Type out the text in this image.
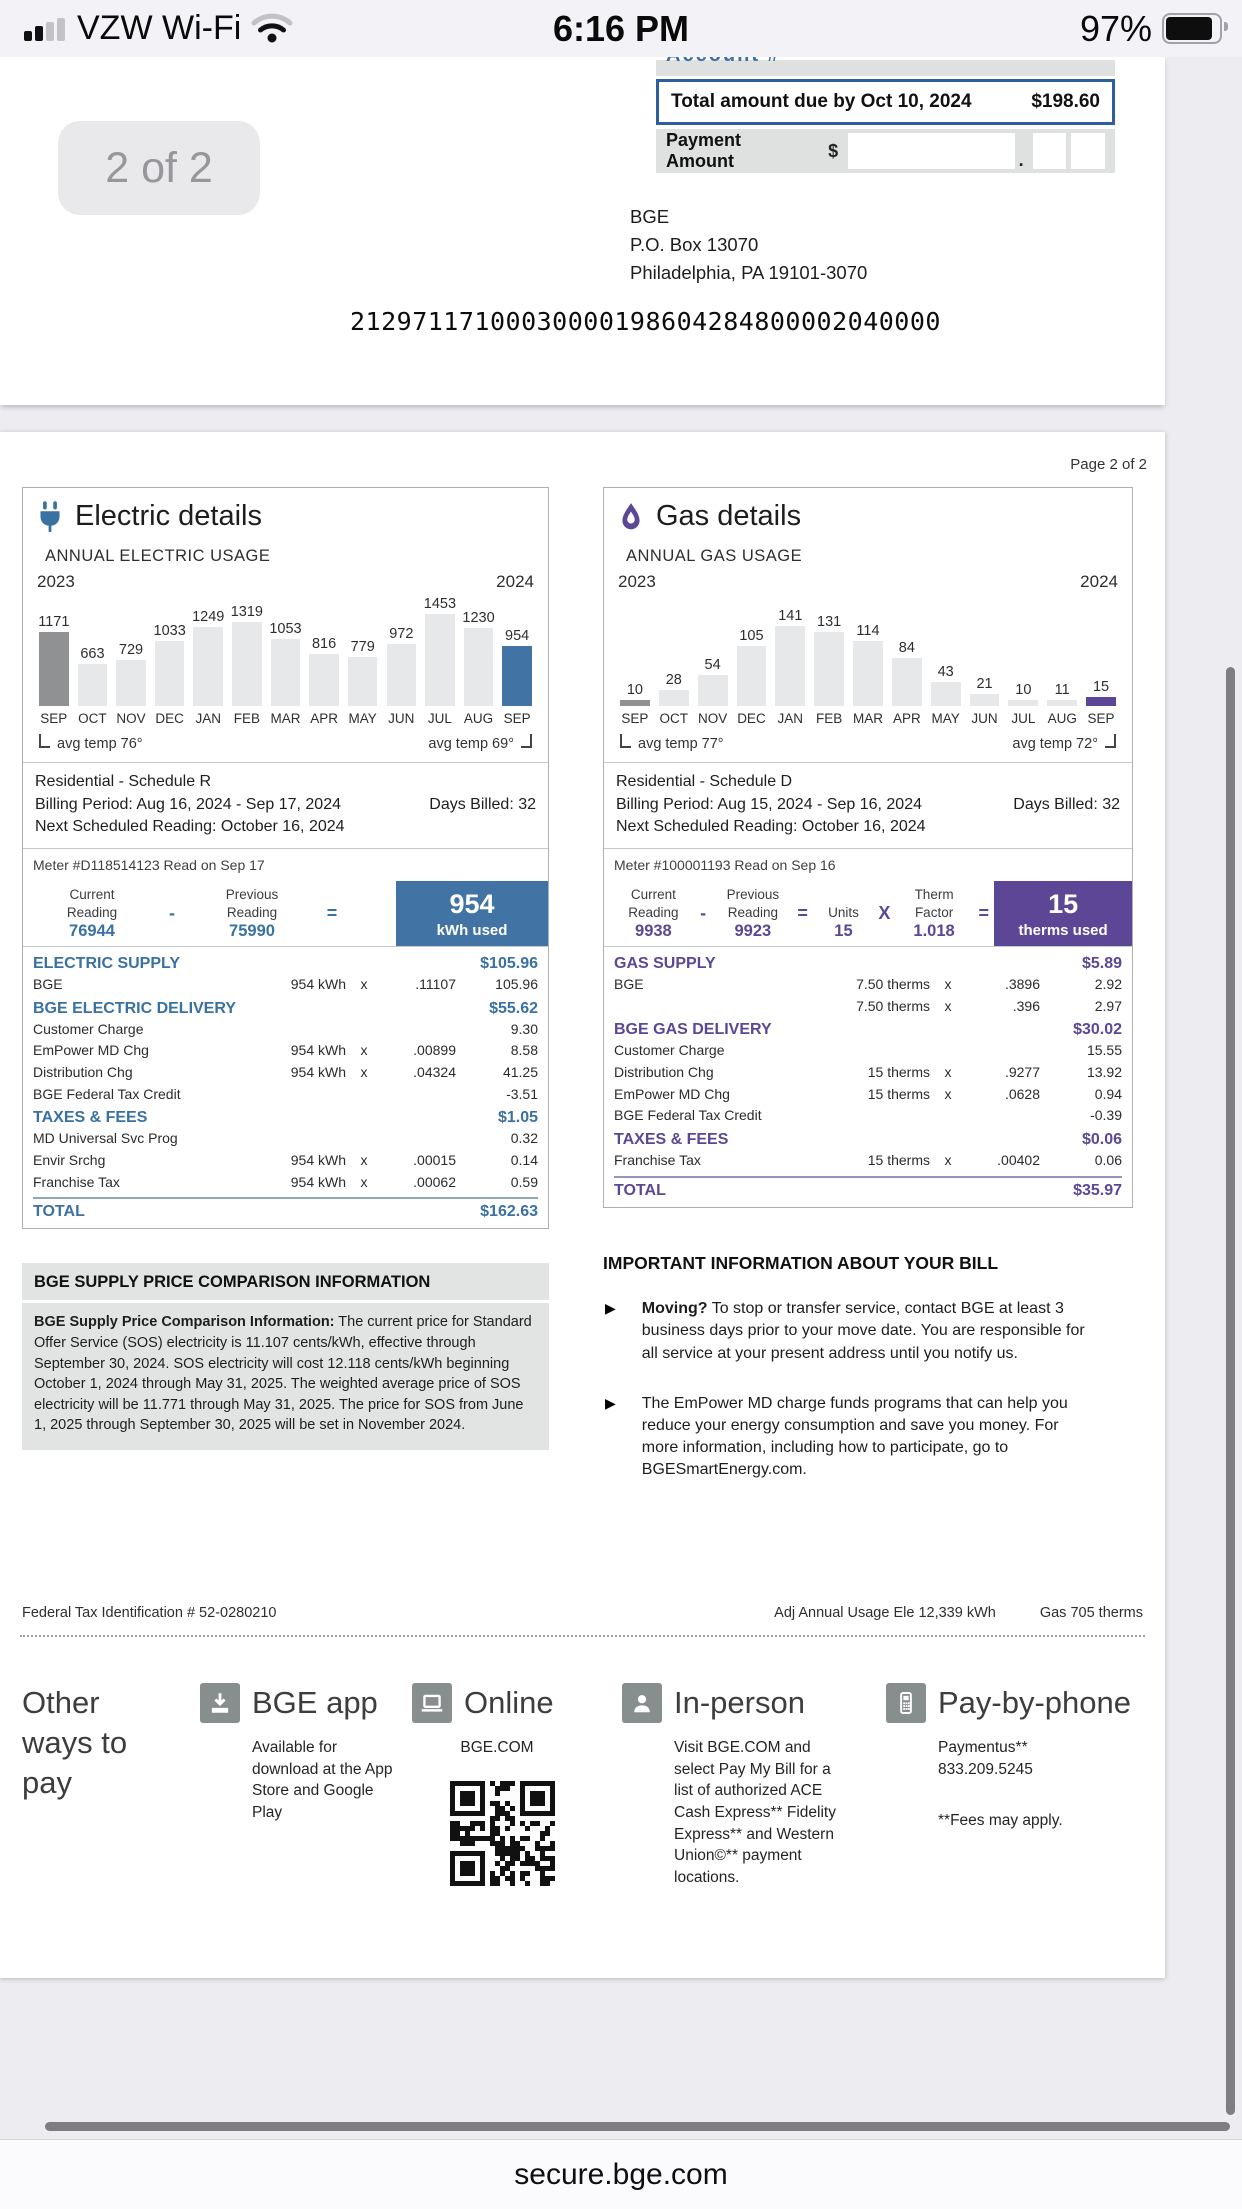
VZW Wi-Fi	6:16 PM	97%
Total amount due by Oct 10, 2024	$198.60
Payment Amount
$	.
2 of 2
BGE
P.O. Box 13070
Philadelphia, PA 19101-3070
21297117100030000198604284800002040000
Page 2 of 2
Electric details
ANNUAL ELECTRIC USAGE
2023	2024
1171
SEP
663
OCT
729
NOV
1033
DEC
1249
JAN
1319
FEB
1053
MAR
816
APR
779
MAY
972
JUN
1453
JUL
1230
AUG
954
SEP
avg temp 76°	avg temp 69°
Residential - Schedule R
Billing Period: Aug 16, 2024 - Sep 17, 2024	Days Billed: 32
Next Scheduled Reading: October 16, 2024
Meter #D118514123 Read on Sep 17
Current
Reading
76944
-
Previous
Reading
75990
=	954
kWh used
ELECTRIC SUPPLY	$105.96
BGE	954 kWh	x	.11107	105.96
BGE ELECTRIC DELIVERY	$55.62
Customer Charge	9.30
EmPower MD Chg	954 kWh	x	.00899	8.58
Distribution Chg	954 kWh	x	.04324	41.25
BGE Federal Tax Credit	-3.51
TAXES & FEES	$1.05
MD Universal Svc Prog	0.32
Envir Srchg	954 kWh	x	.00015	0.14
Franchise Tax	954 kWh	x	.00062	0.59
TOTAL	$162.63
Gas details
ANNUAL GAS USAGE
2023	2024
10
SEP
28
OCT
54
NOV
105
DEC
141
JAN
131
FEB
114
MAR
84
APR
43
MAY
21
JUN
10
JUL
11
AUG
15
SEP
avg temp 77°	avg temp 72°
Residential - Schedule D
Billing Period: Aug 15, 2024 - Sep 16, 2024	Days Billed: 32
Next Scheduled Reading: October 16, 2024
Meter #100001193 Read on Sep 16
Current
Reading
9938
-
Previous
Reading
9923
=
	Units
15
X
Therm
Factor
1.018
=	15
therms used
GAS SUPPLY	$5.89
BGE	7.50 therms	x	.3896	2.92
7.50 therms	x	.396	2.97
BGE GAS DELIVERY	$30.02
Customer Charge	15.55
Distribution Chg	15 therms	x	.9277	13.92
EmPower MD Chg	15 therms	x	.0628	0.94
BGE Federal Tax Credit	-0.39
TAXES & FEES	$0.06
Franchise Tax	15 therms	x	.00402	0.06
TOTAL	$35.97
BGE SUPPLY PRICE COMPARISON INFORMATION
BGE Supply Price Comparison Information: The current price for Standard Offer Service (SOS) electricity is 11.107 cents/kWh, effective through September 30, 2024. SOS electricity will cost 12.118 cents/kWh beginning October 1, 2024 through May 31, 2025. The weighted average price of SOS electricity will be 11.771 through May 31, 2025. The price for SOS from June 1, 2025 through September 30, 2025 will be set in November 2024.
IMPORTANT INFORMATION ABOUT YOUR BILL
▶ Moving? To stop or transfer service, contact BGE at least 3 business days prior to your move date. You are responsible for all service at your present address until you notify us.
▶ The EmPower MD charge funds programs that can help you reduce your energy consumption and save you money. For more information, including how to participate, go to BGESmartEnergy.com.
Federal Tax Identification # 52-0280210	Adj Annual Usage Ele 12,339 kWh	Gas 705 therms
Other ways to pay
BGE app
Available for download at the App Store and Google Play
Online
BGE.COM
In-person
Visit BGE.COM and select Pay My Bill for a list of authorized ACE Cash Express** Fidelity Express** and Western Union©** payment locations.
Pay-by-phone
Paymentus**
833.209.5245
**Fees may apply.
secure.bge.com
